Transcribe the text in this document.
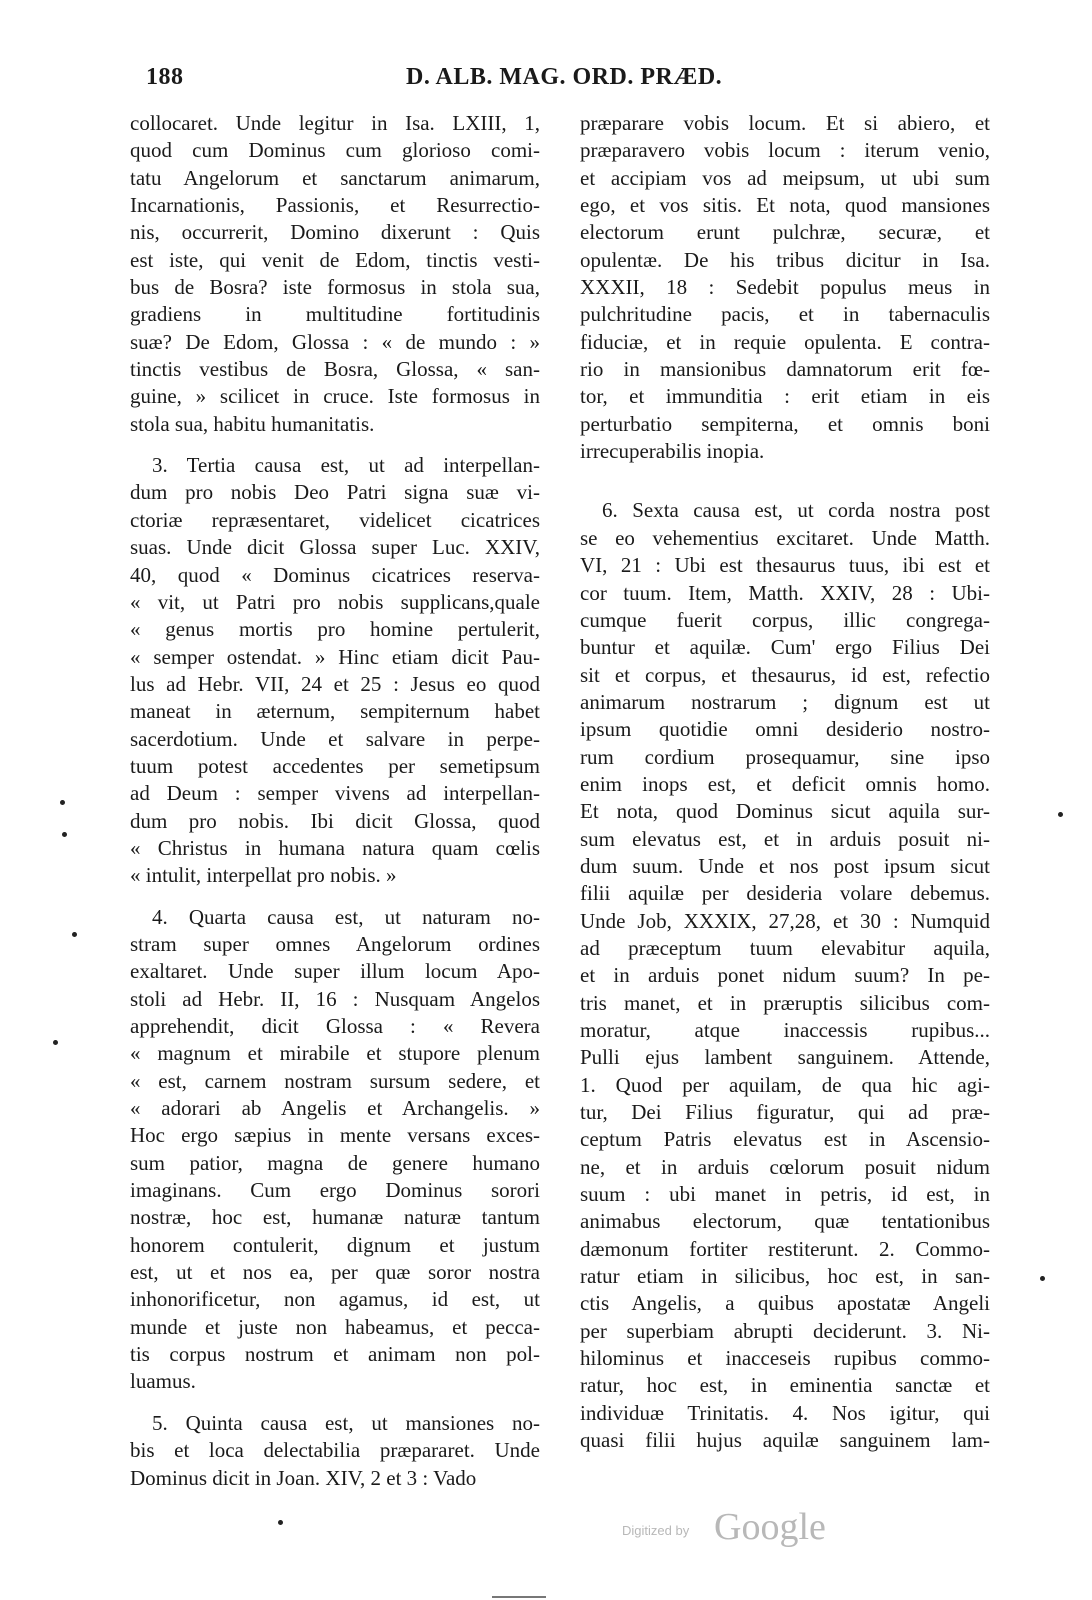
188	D. ALB. MAG. ORD. PRÆD.
collocaret. Unde legitur in Isa. LXIII, 1,
quod cum Dominus cum glorioso comi-
tatu Angelorum et sanctarum animarum,
Incarnationis, Passionis, et Resurrectio-
nis, occurrerit, Domino dixerunt : Quis
est iste, qui venit de Edom, tinctis vesti-
bus de Bosra? iste formosus in stola sua,
gradiens in multitudine fortitudinis
suæ? De Edom, Glossa : « de mundo : »
tinctis vestibus de Bosra, Glossa, « san-
guine, » scilicet in cruce. Iste formosus in
stola sua, habitu humanitatis.
3. Tertia causa est, ut ad interpellan-
dum pro nobis Deo Patri signa suæ vi-
ctoriæ repræsentaret, videlicet cicatrices
suas. Unde dicit Glossa super Luc. XXIV,
40, quod « Dominus cicatrices reserva-
« vit, ut Patri pro nobis supplicans,quale
« genus mortis pro homine pertulerit,
« semper ostendat. » Hinc etiam dicit Pau-
lus ad Hebr. VII, 24 et 25 : Jesus eo quod
maneat in æternum, sempiternum habet
sacerdotium. Unde et salvare in perpe-
tuum potest accedentes per semetipsum
ad Deum : semper vivens ad interpellan-
dum pro nobis. Ibi dicit Glossa, quod
« Christus in humana natura quam cœlis
« intulit, interpellat pro nobis. »
4. Quarta causa est, ut naturam no-
stram super omnes Angelorum ordines
exaltaret. Unde super illum locum Apo-
stoli ad Hebr. II, 16 : Nusquam Angelos
apprehendit, dicit Glossa : « Revera
« magnum et mirabile et stupore plenum
« est, carnem nostram sursum sedere, et
« adorari ab Angelis et Archangelis. »
Hoc ergo sæpius in mente versans exces-
sum patior, magna de genere humano
imaginans. Cum ergo Dominus sorori
nostræ, hoc est, humanæ naturæ tantum
honorem contulerit, dignum et justum
est, ut et nos ea, per quæ soror nostra
inhonorificetur, non agamus, id est, ut
munde et juste non habeamus, et pecca-
tis corpus nostrum et animam non pol-
luamus.
5. Quinta causa est, ut mansiones no-
bis et loca delectabilia præpararet. Unde
Dominus dicit in Joan. XIV, 2 et 3 : Vado
præparare vobis locum. Et si abiero, et
præparavero vobis locum : iterum venio,
et accipiam vos ad meipsum, ut ubi sum
ego, et vos sitis. Et nota, quod mansiones
electorum erunt pulchræ, securæ, et
opulentæ. De his tribus dicitur in Isa.
XXXII, 18 : Sedebit populus meus in
pulchritudine pacis, et in tabernaculis
fiduciæ, et in requie opulenta. E contra-
rio in mansionibus damnatorum erit fœ-
tor, et immunditia : erit etiam in eis
perturbatio sempiterna, et omnis boni
irrecuperabilis inopia.
6. Sexta causa est, ut corda nostra post
se eo vehementius excitaret. Unde Matth.
VI, 21 : Ubi est thesaurus tuus, ibi est et
cor tuum. Item, Matth. XXIV, 28 : Ubi-
cumque fuerit corpus, illic congrega-
buntur et aquilæ. Cum' ergo Filius Dei
sit et corpus, et thesaurus, id est, refectio
animarum nostrarum ; dignum est ut
ipsum quotidie omni desiderio nostro-
rum cordium prosequamur, sine ipso
enim inops est, et deficit omnis homo.
Et nota, quod Dominus sicut aquila sur-
sum elevatus est, et in arduis posuit ni-
dum suum. Unde et nos post ipsum sicut
filii aquilæ per desideria volare debemus.
Unde Job, XXXIX, 27,28, et 30 : Numquid
ad præceptum tuum elevabitur aquila,
et in arduis ponet nidum suum? In pe-
tris manet, et in præruptis silicibus com-
moratur, atque inaccessis rupibus...
Pulli ejus lambent sanguinem. Attende,
1. Quod per aquilam, de qua hic agi-
tur, Dei Filius figuratur, qui ad præ-
ceptum Patris elevatus est in Ascensio-
ne, et in arduis cœlorum posuit nidum
suum : ubi manet in petris, id est, in
animabus electorum, quæ tentationibus
dæmonum fortiter restiterunt. 2. Commo-
ratur etiam in silicibus, hoc est, in san-
ctis Angelis, a quibus apostatæ Angeli
per superbiam abrupti deciderunt. 3. Ni-
hilominus et inacceseis rupibus commo-
ratur, hoc est, in eminentia sanctæ et
individuæ Trinitatis. 4. Nos igitur, qui
quasi filii hujus aquilæ sanguinem lam-
Digitized by Google
